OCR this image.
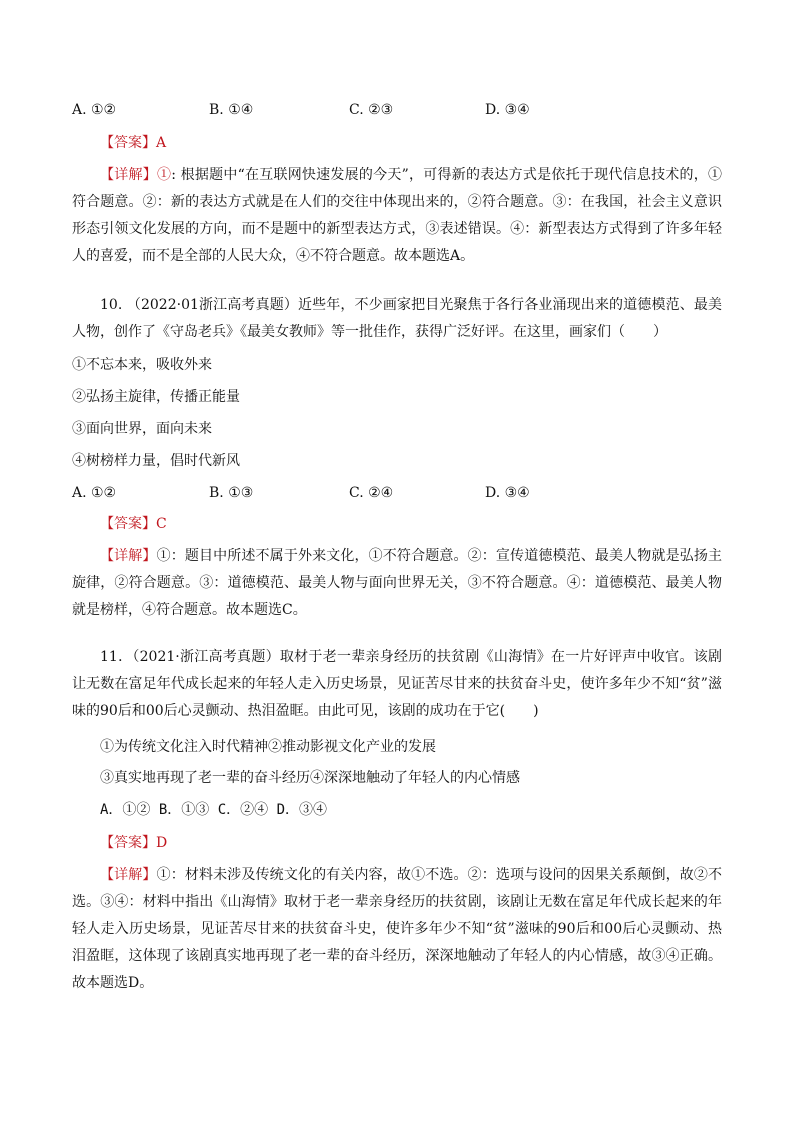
A. ①②	B. ①④	C. ②③	D. ③④
【答案】A
【详解】①: 根据题中“在互联网快速发展的今天”，可得新的表达方式是依托于现代信息技术的，①符合题意。②：新的表达方式就是在人们的交往中体现出来的，②符合题意。③：在我国，社会主义意识形态引领文化发展的方向，而不是题中的新型表达方式，③表述错误。④：新型表达方式得到了许多年轻人的喜爱，而不是全部的人民大众，④不符合题意。故本题选A。
10. （2022·01浙江高考真题）近些年，不少画家把目光聚焦于各行各业涌现出来的道德模范、最美人物，创作了《守岛老兵》《最美女教师》等一批佳作，获得广泛好评。在这里，画家们（　　）
①不忘本来，吸收外来
②弘扬主旋律，传播正能量
③面向世界，面向未来
④树榜样力量，倡时代新风
A. ①②	B. ①③	C. ②④	D. ③④
【答案】C
【详解】①：题目中所述不属于外来文化，①不符合题意。②：宣传道德模范、最美人物就是弘扬主旋律，②符合题意。③：道德模范、最美人物与面向世界无关，③不符合题意。④：道德模范、最美人物就是榜样，④符合题意。故本题选C。
11．（2021·浙江高考真题）取材于老一辈亲身经历的扶贫剧《山海情》在一片好评声中收官。该剧让无数在富足年代成长起来的年轻人走入历史场景，见证苦尽甘来的扶贫奋斗史，使许多年少不知“贫”滋味的90后和00后心灵颤动、热泪盈眶。由此可见，该剧的成功在于它(　　)
①为传统文化注入时代精神②推动影视文化产业的发展
③真实地再现了老一辈的奋斗经历④深深地触动了年轻人的内心情感
A．①② B．①③ C．②④ D．③④
【答案】D
【详解】①：材料未涉及传统文化的有关内容，故①不选。②：选项与设问的因果关系颠倒，故②不选。③④：材料中指出《山海情》取材于老一辈亲身经历的扶贫剧，该剧让无数在富足年代成长起来的年轻人走入历史场景，见证苦尽甘来的扶贫奋斗史，使许多年少不知“贫”滋味的90后和00后心灵颤动、热泪盈眶，这体现了该剧真实地再现了老一辈的奋斗经历，深深地触动了年轻人的内心情感，故③④正确。故本题选D。
